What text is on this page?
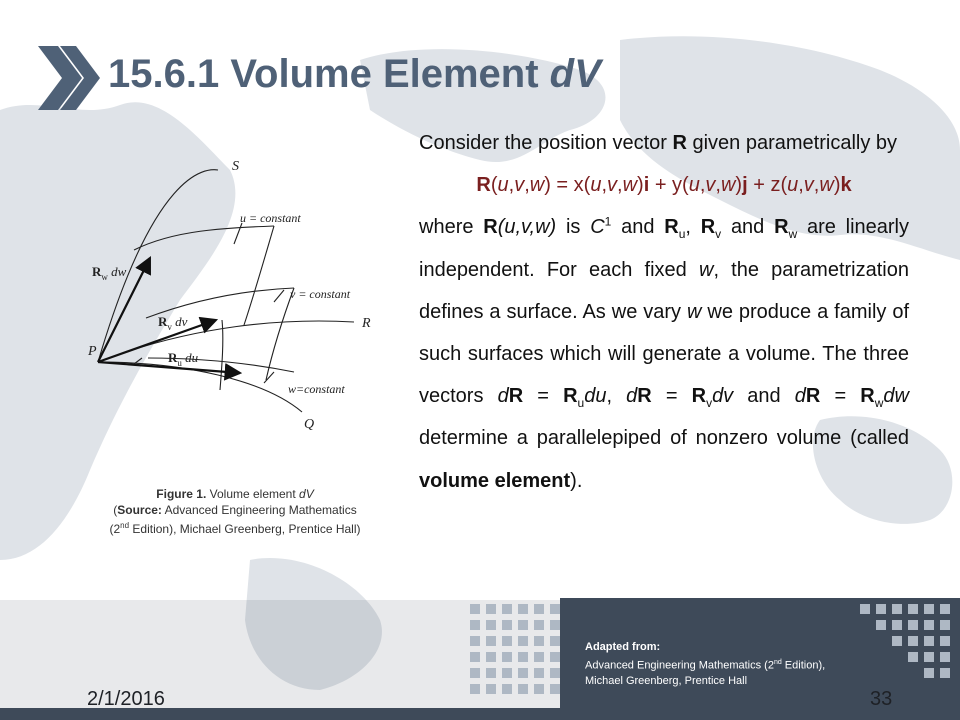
15.6.1 Volume Element dV

Consider the position vector R given parametrically by

R(u,v,w) = x(u,v,w)i + y(u,v,w)j + z(u,v,w)k

where R(u,v,w) is $C^1$ and $R_u$, $R_v$ and $R_w$ are linearly independent. For each fixed w, the parametrization defines a surface. As we vary w we produce a family of such surfaces which will generate a volume. The three vectors dR = $R_udu$, dR = $R_vdv$ and dR = $R_wdw$ determine a parallelepiped of nonzero volume (called volume element).

S
u = constant
v = constant
w=constant
R
Q
P
$R_w$ dw
$R_v$ dv
$R_u$ du
Figure 1. Volume element dV
(Source: Advanced Engineering Mathematics
(2nd Edition), Michael Greenberg, Prentice Hall)
2/1/2016
Adapted from:
Advanced Engineering Mathematics (2nd Edition), Michael Greenberg, Prentice Hall
33
